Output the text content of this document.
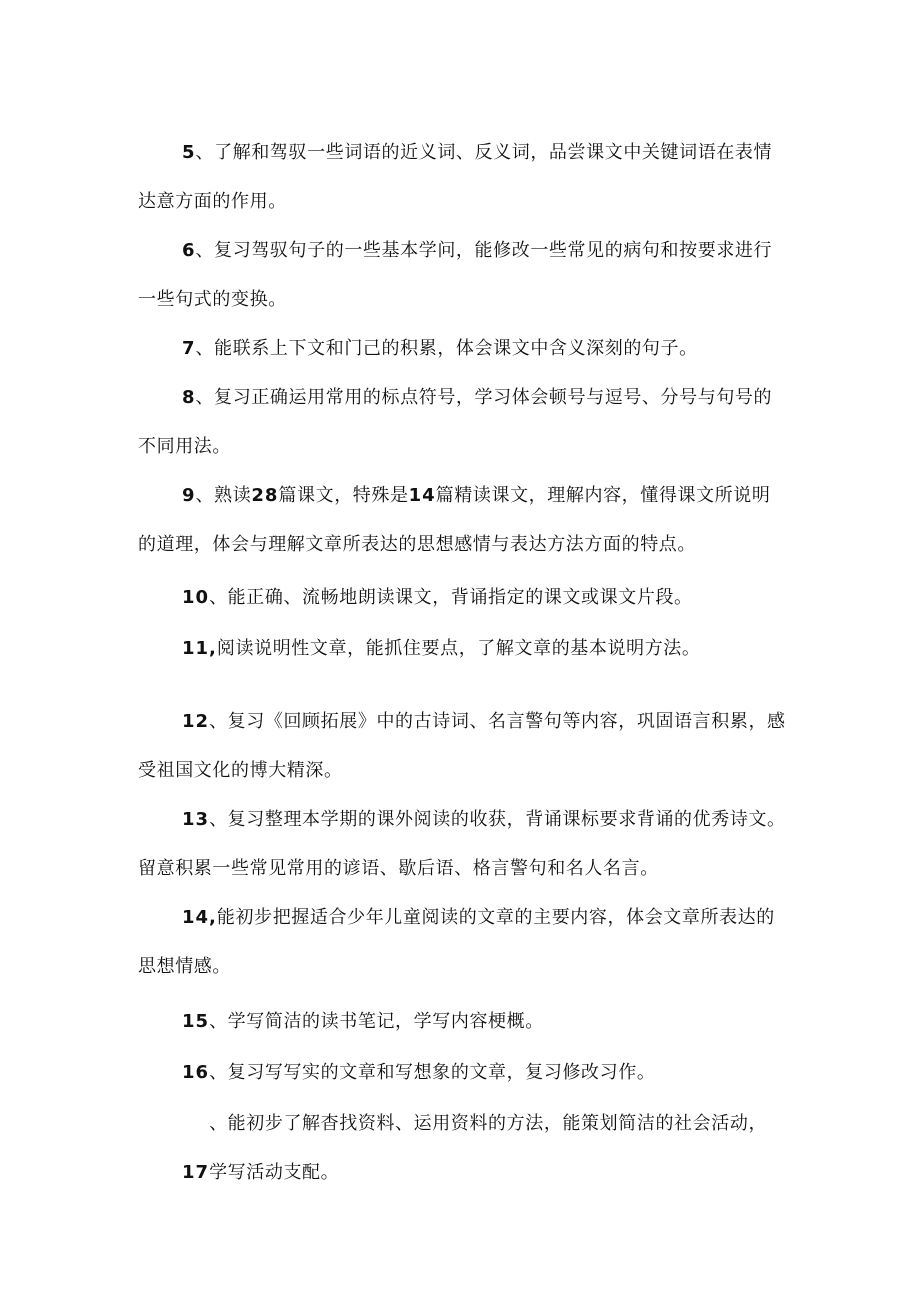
5、了解和驾驭一些词语的近义词、反义词，品尝课文中关键词语在表情达意方面的作用。

6、复习驾驭句子的一些基本学问，能修改一些常见的病句和按要求进行一些句式的变换。

7、能联系上下文和门己的积累，体会课文中含义深刻的句子。

8、复习正确运用常用的标点符号，学习体会顿号与逗号、分号与句号的不同用法。

9、熟读28篇课文，特殊是14篇精读课文，理解内容，懂得课文所说明的道理，体会与理解文章所表达的思想感情与表达方法方面的特点。

10、能正确、流畅地朗读课文，背诵指定的课文或课文片段。

11,阅读说明性文章，能抓住要点，了解文章的基本说明方法。

12、复习《回顾拓展》中的古诗词、名言警句等内容，巩固语言积累，感受祖国文化的博大精深。

13、复习整理本学期的课外阅读的收获，背诵课标要求背诵的优秀诗文。留意积累一些常见常用的谚语、歇后语、格言警句和名人名言。

14,能初步把握适合少年儿童阅读的文章的主要内容，体会文章所表达的思想情感。

15、学写简洁的读书笔记，学写内容梗概。

16、复习写写实的文章和写想象的文章，复习修改习作。

17、能初步了解杳找资料、运用资料的方法，能策划简洁的社会活动，学写活动支配。
